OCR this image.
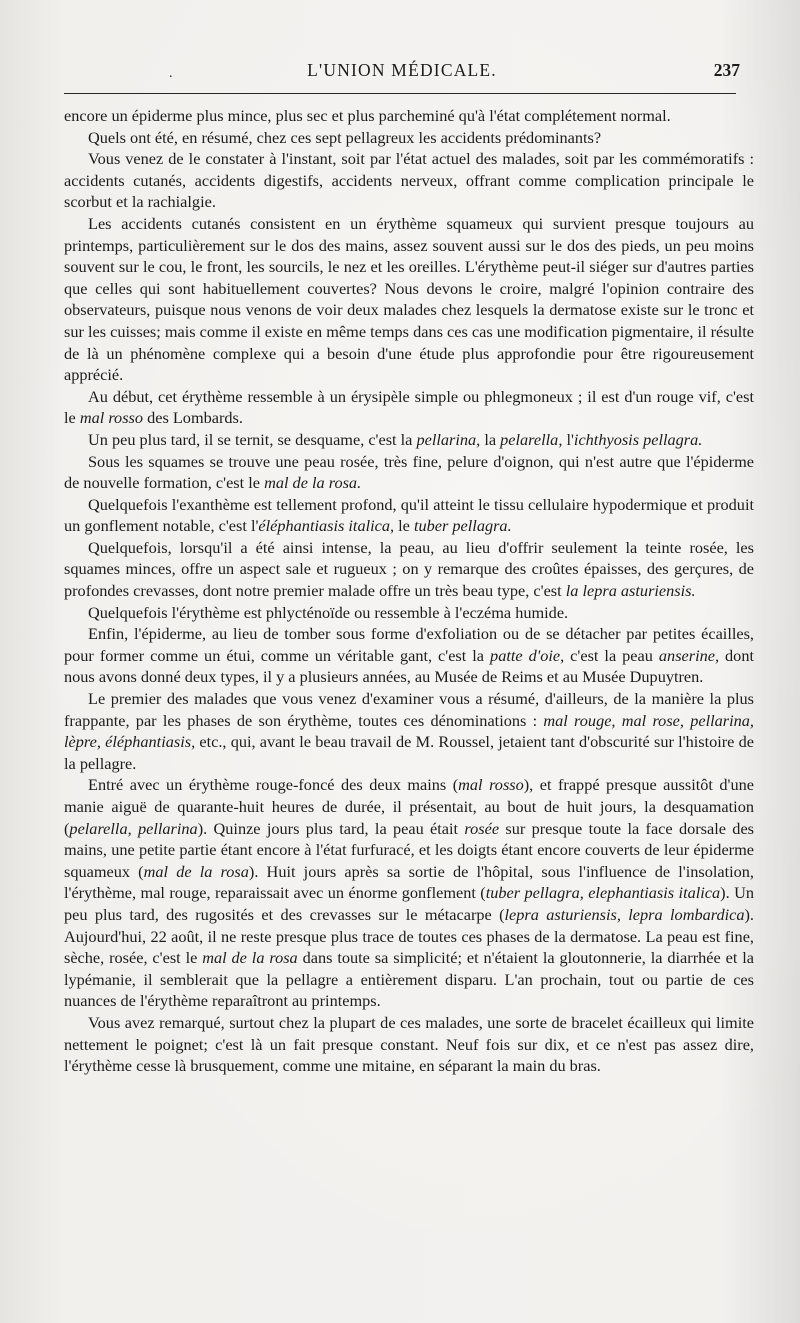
.	L'UNION MÉDICALE.	237

encore un épiderme plus mince, plus sec et plus parcheminé qu'à l'état complétement normal.

Quels ont été, en résumé, chez ces sept pellagreux les accidents prédominants?

Vous venez de le constater à l'instant, soit par l'état actuel des malades, soit par les commémoratifs : accidents cutanés, accidents digestifs, accidents nerveux, offrant comme complication principale le scorbut et la rachialgie.

Les accidents cutanés consistent en un érythème squameux qui survient presque toujours au printemps, particulièrement sur le dos des mains, assez souvent aussi sur le dos des pieds, un peu moins souvent sur le cou, le front, les sourcils, le nez et les oreilles. L'érythème peut-il siéger sur d'autres parties que celles qui sont habituellement couvertes? Nous devons le croire, malgré l'opinion contraire des observateurs, puisque nous venons de voir deux malades chez lesquels la dermatose existe sur le tronc et sur les cuisses; mais comme il existe en même temps dans ces cas une modification pigmentaire, il résulte de là un phénomène complexe qui a besoin d'une étude plus approfondie pour être rigoureusement apprécié.

Au début, cet érythème ressemble à un érysipèle simple ou phlegmoneux ; il est d'un rouge vif, c'est le mal rosso des Lombards.

Un peu plus tard, il se ternit, se desquame, c'est la pellarina, la pelarella, l'ichthyosis pellagra.

Sous les squames se trouve une peau rosée, très fine, pelure d'oignon, qui n'est autre que l'épiderme de nouvelle formation, c'est le mal de la rosa.

Quelquefois l'exanthème est tellement profond, qu'il atteint le tissu cellulaire hypodermique et produit un gonflement notable, c'est l'éléphantiasis italica, le tuber pellagra.

Quelquefois, lorsqu'il a été ainsi intense, la peau, au lieu d'offrir seulement la teinte rosée, les squames minces, offre un aspect sale et rugueux ; on y remarque des croûtes épaisses, des gerçures, de profondes crevasses, dont notre premier malade offre un très beau type, c'est la lepra asturiensis.

Quelquefois l'érythème est phlycténoïde ou ressemble à l'eczéma humide.

Enfin, l'épiderme, au lieu de tomber sous forme d'exfoliation ou de se détacher par petites écailles, pour former comme un étui, comme un véritable gant, c'est la patte d'oie, c'est la peau anserine, dont nous avons donné deux types, il y a plusieurs années, au Musée de Reims et au Musée Dupuytren.

Le premier des malades que vous venez d'examiner vous a résumé, d'ailleurs, de la manière la plus frappante, par les phases de son érythème, toutes ces dénominations : mal rouge, mal rose, pellarina, lèpre, éléphantiasis, etc., qui, avant le beau travail de M. Roussel, jetaient tant d'obscurité sur l'histoire de la pellagre.

Entré avec un érythème rouge-foncé des deux mains (mal rosso), et frappé presque aussitôt d'une manie aiguë de quarante-huit heures de durée, il présentait, au bout de huit jours, la desquamation (pelarella, pellarina). Quinze jours plus tard, la peau était rosée sur presque toute la face dorsale des mains, une petite partie étant encore à l'état furfuracé, et les doigts étant encore couverts de leur épiderme squameux (mal de la rosa). Huit jours après sa sortie de l'hôpital, sous l'influence de l'insolation, l'érythème, mal rouge, reparaissait avec un énorme gonflement (tuber pellagra, elephantiasis italica). Un peu plus tard, des rugosités et des crevasses sur le métacarpe (lepra asturiensis, lepra lombardica). Aujourd'hui, 22 août, il ne reste presque plus trace de toutes ces phases de la dermatose. La peau est fine, sèche, rosée, c'est le mal de la rosa dans toute sa simplicité; et n'étaient la gloutonnerie, la diarrhée et la lypémanie, il semblerait que la pellagre a entièrement disparu. L'an prochain, tout ou partie de ces nuances de l'érythème reparaîtront au printemps.

Vous avez remarqué, surtout chez la plupart de ces malades, une sorte de bracelet écailleux qui limite nettement le poignet; c'est là un fait presque constant. Neuf fois sur dix, et ce n'est pas assez dire, l'érythème cesse là brusquement, comme une mitaine, en séparant la main du bras.
